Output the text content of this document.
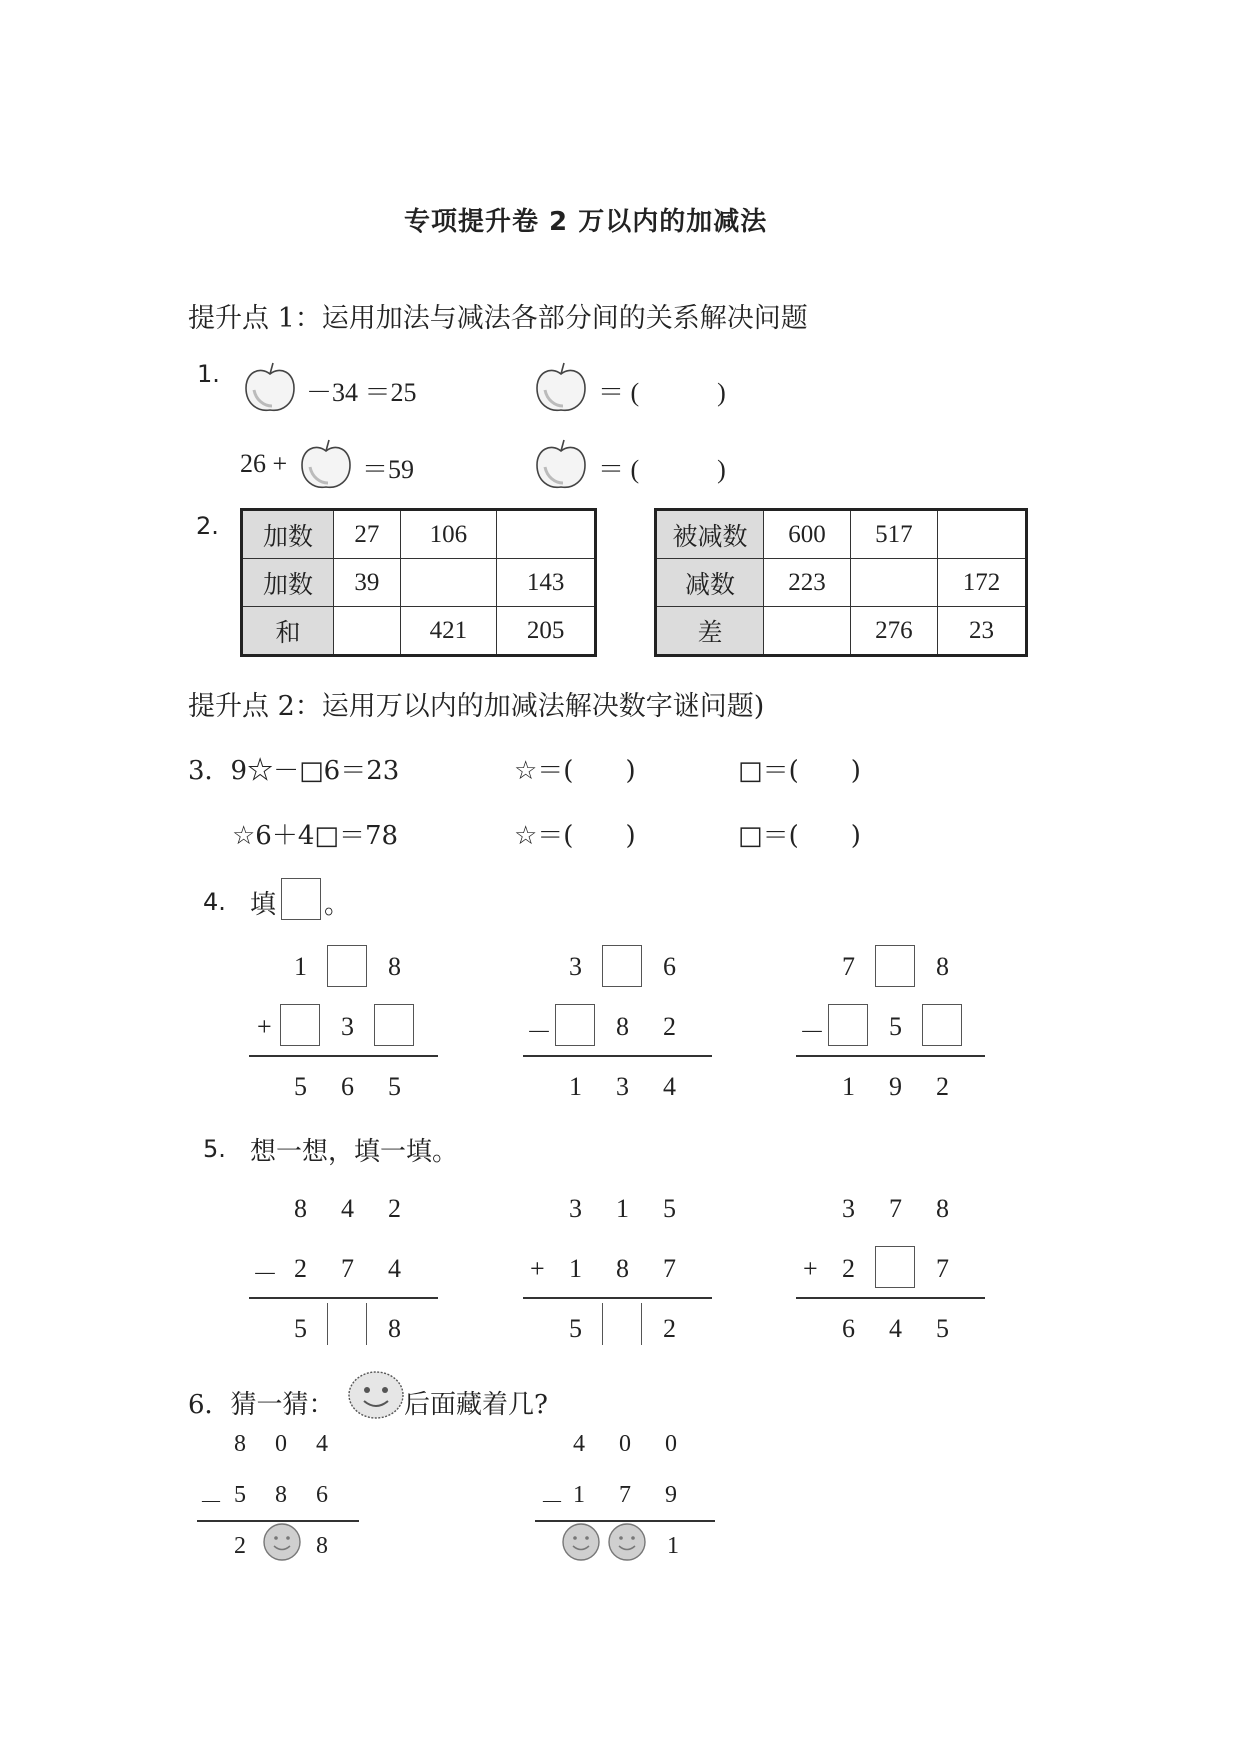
专项提升卷 2 万以内的加减法
提升点 1：运用加法与减法各部分间的关系解决问题
1.
－34 ＝25	＝ (　　　)
26 +	＝59	＝ (　　　)
2. 加数	27	106	
加数	39		143
和		421	205
被减数	600	517	
减数	223		172
差		276	23
提升点 2：运用万以内的加减法解决数字谜问题)
3．9☆－□6＝23	☆＝(　　)	□＝(　　)
☆6＋4□＝78	☆＝(　　)	□＝(　　)
4. 填 。
1	8
+	3
5 6 5
3	6
－ 8 2
1 3 4
7	8
－ 5
1 9 2
5. 想一想，填一填。
8 4 2
－ 2 7 4
5	8
3 1 5
+ 1 8 7
5	2
3 7 8
+ 2	7
6 4 5
6．猜一猜：	后面藏着几?
8 0 4
－ 5 8 6
2	8
4 0 0
－ 1 7 9
1
